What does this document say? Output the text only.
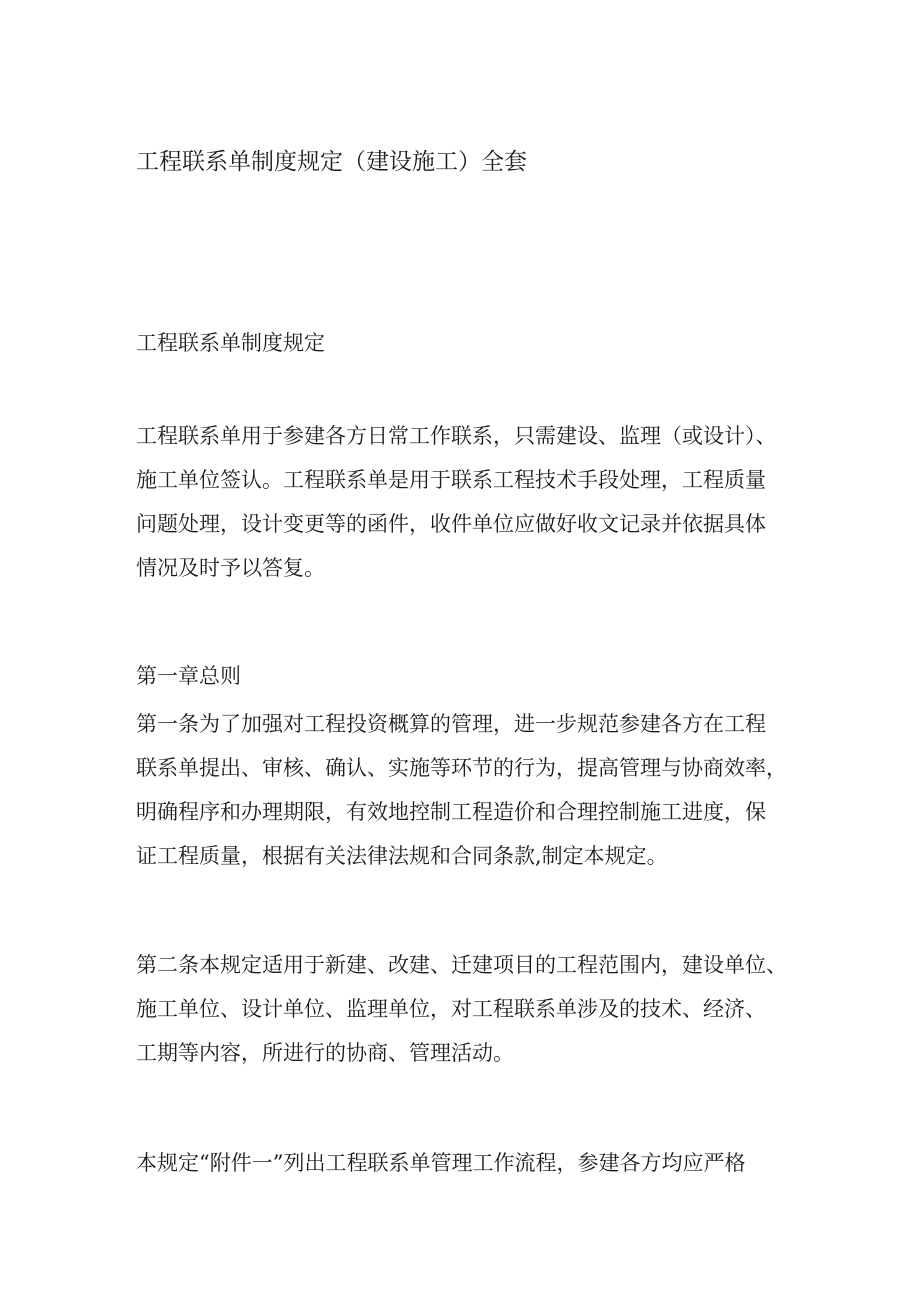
工程联系单制度规定（建设施工）全套
工程联系单制度规定

工程联系单用于参建各方日常工作联系，只需建设、监理（或设计）、
施工单位签认。工程联系单是用于联系工程技术手段处理，工程质量
问题处理，设计变更等的函件，收件单位应做好收文记录并依据具体
情况及时予以答复。

第一章总则

第一条为了加强对工程投资概算的管理，进一步规范参建各方在工程
联系单提出、审核、确认、实施等环节的行为，提高管理与协商效率，
明确程序和办理期限，有效地控制工程造价和合理控制施工进度，保
证工程质量，根据有关法律法规和合同条款,制定本规定。

第二条本规定适用于新建、改建、迁建项目的工程范围内，建设单位、
施工单位、设计单位、监理单位，对工程联系单涉及的技术、经济、
工期等内容，所进行的协商、管理活动。

本规定“附件一”列出工程联系单管理工作流程，参建各方均应严格
